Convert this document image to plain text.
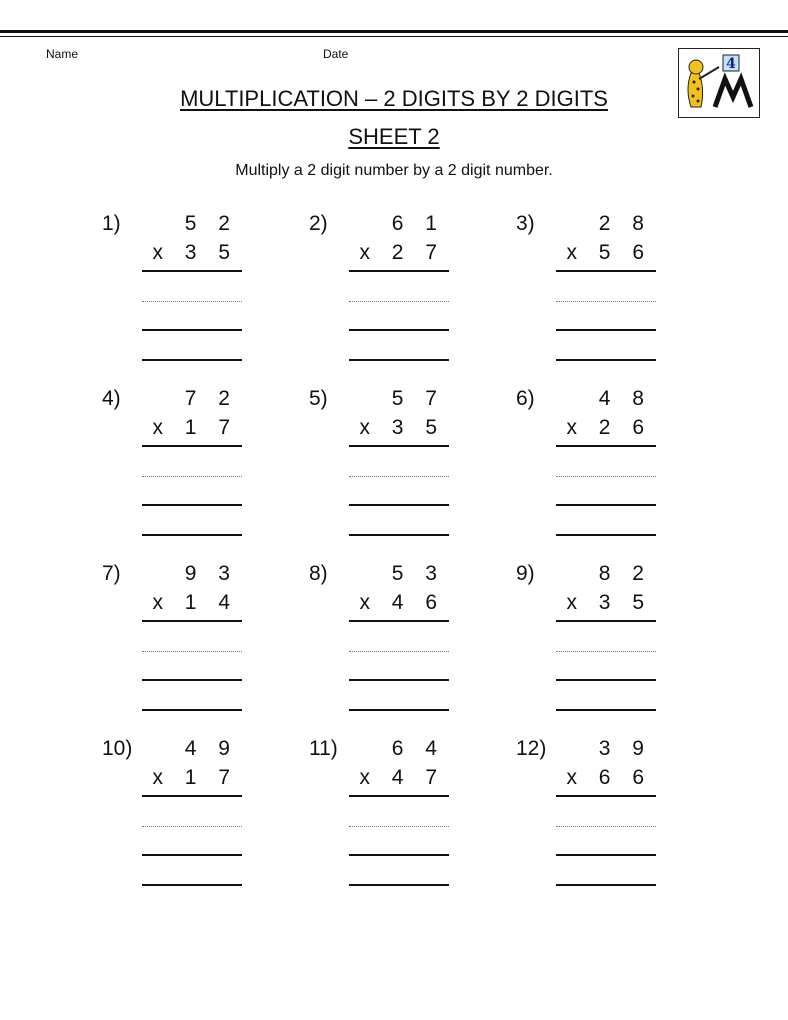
Name	Date
MULTIPLICATION – 2 DIGITS BY 2 DIGITS
SHEET 2
Multiply a 2 digit number by a 2 digit number.
4
1)	5 2
x 3 5
2)	6 1
x 2 7
3)	2 8
x 5 6
4)	7 2
x 1 7
5)	5 7
x 3 5
6)	4 8
x 2 6
7)	9 3
x 1 4
8)	5 3
x 4 6
9)	8 2
x 3 5
10) 4 9
x 1 7
11)	6 4
x 4 7
12) 3 9
x 6 6
